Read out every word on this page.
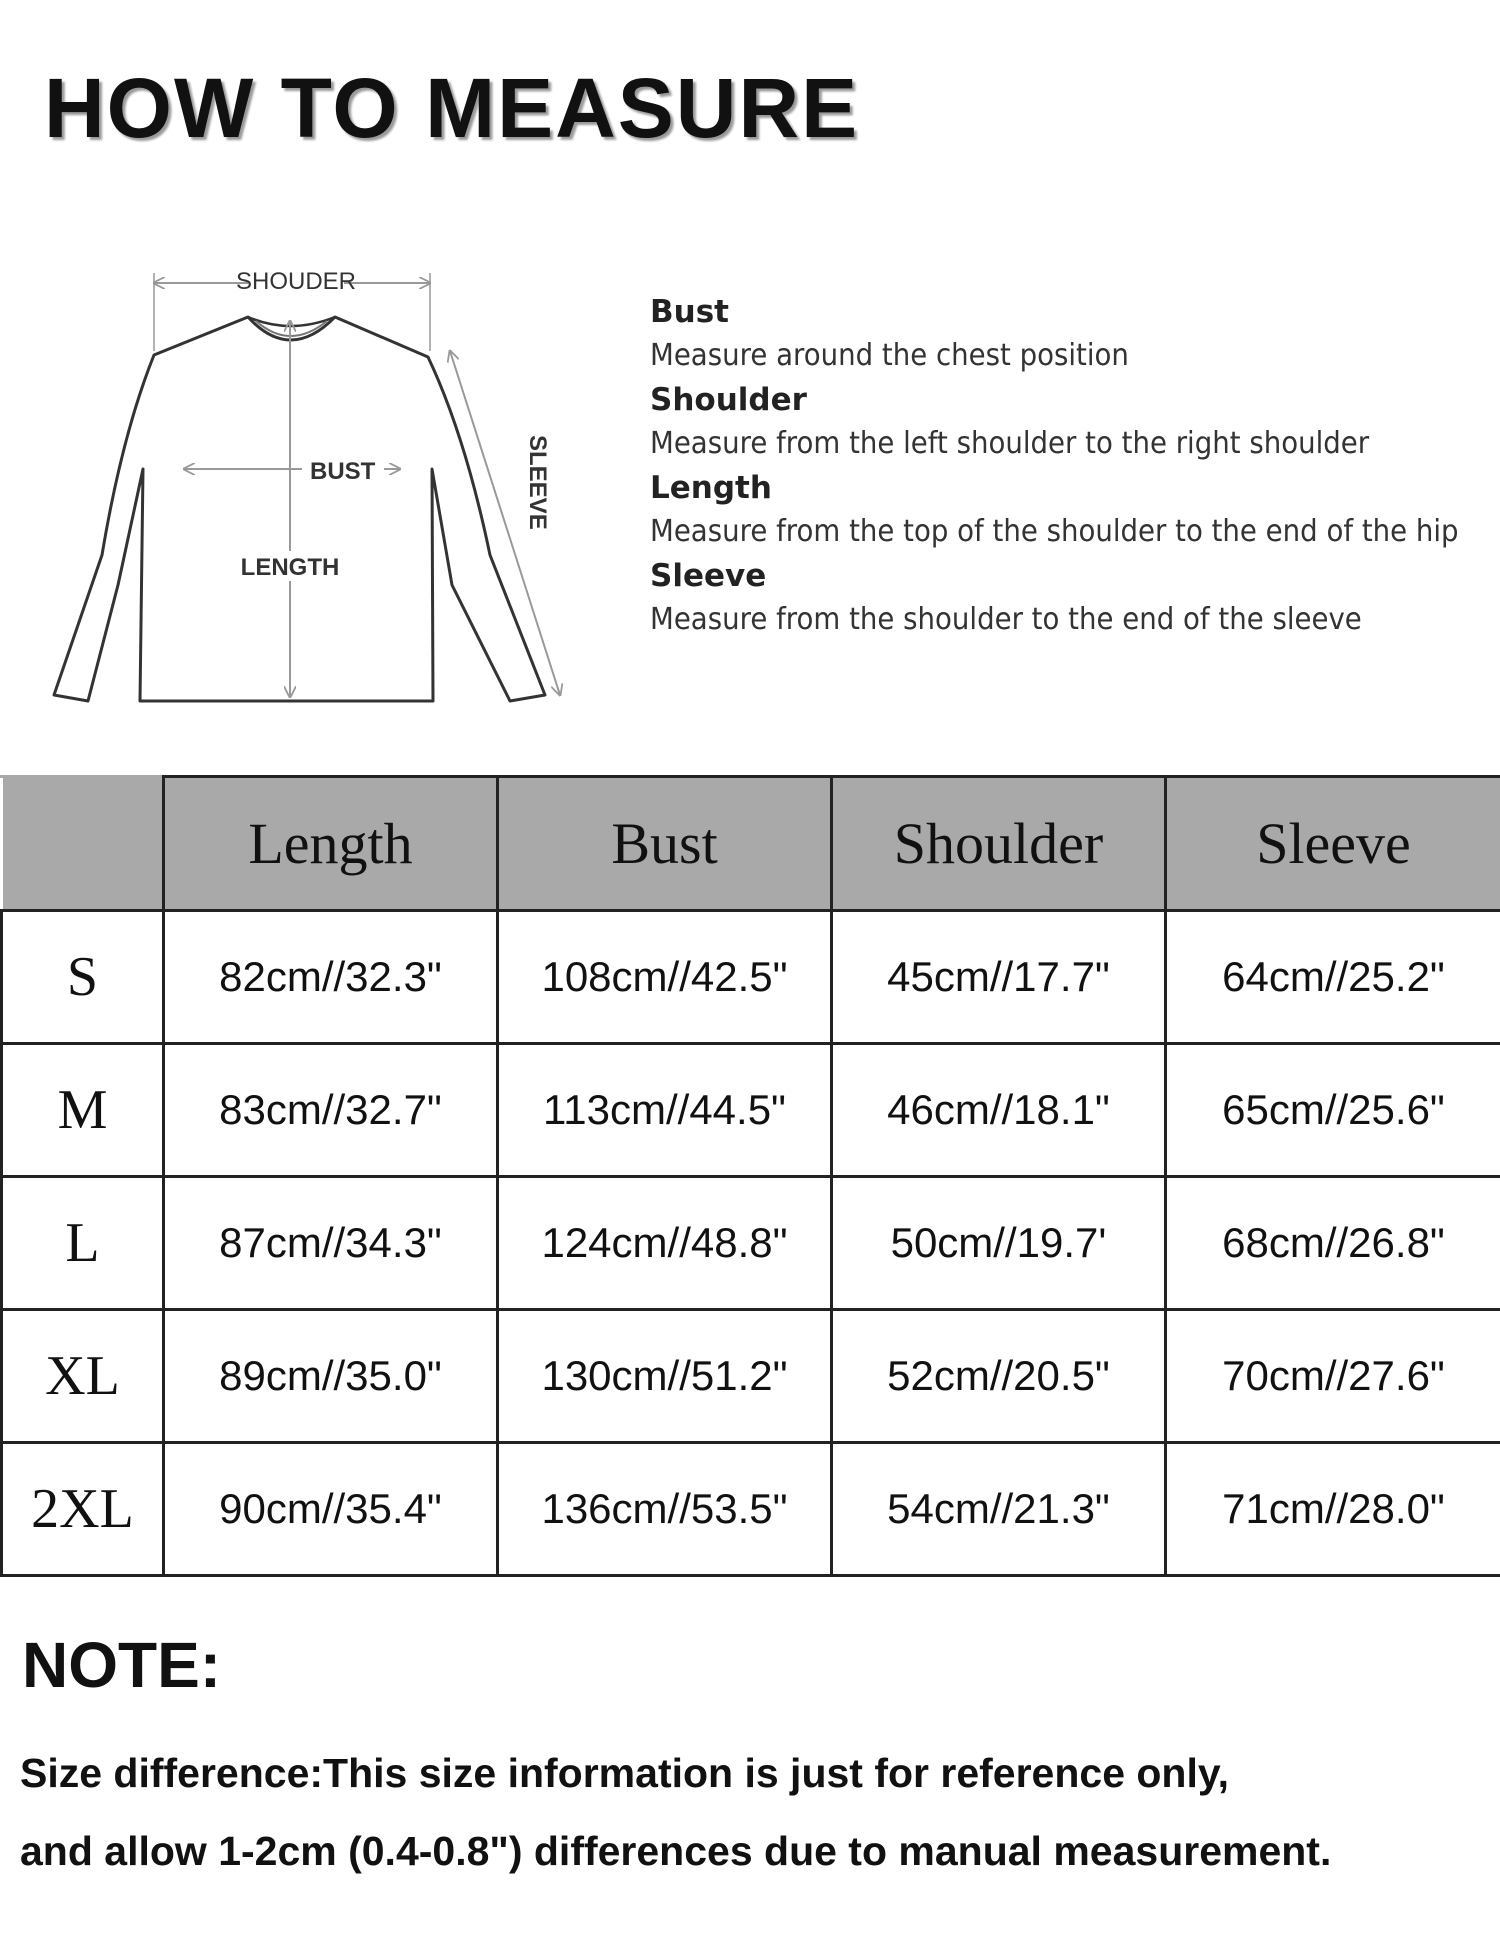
HOW TO MEASURE
SHOUDER
BUST
LENGTH
SLEEVE
Bust
Measure around the chest position
Shoulder
Measure from the left shoulder to the right shoulder
Length
Measure from the top of the shoulder to the end of the hip
Sleeve
Measure from the shoulder to the end of the sleeve
	Length	Bust	Shoulder	Sleeve
S	82cm//32.3"	108cm//42.5"	45cm//17.7"	64cm//25.2"
M	83cm//32.7"	113cm//44.5"	46cm//18.1"	65cm//25.6"
L	87cm//34.3"	124cm//48.8"	50cm//19.7'	68cm//26.8"
XL	89cm//35.0"	130cm//51.2"	52cm//20.5"	70cm//27.6"
2XL	90cm//35.4"	136cm//53.5"	54cm//21.3"	71cm//28.0"
NOTE:
Size difference:This size information is just for reference only,
and allow 1-2cm (0.4-0.8") differences due to manual measurement.
